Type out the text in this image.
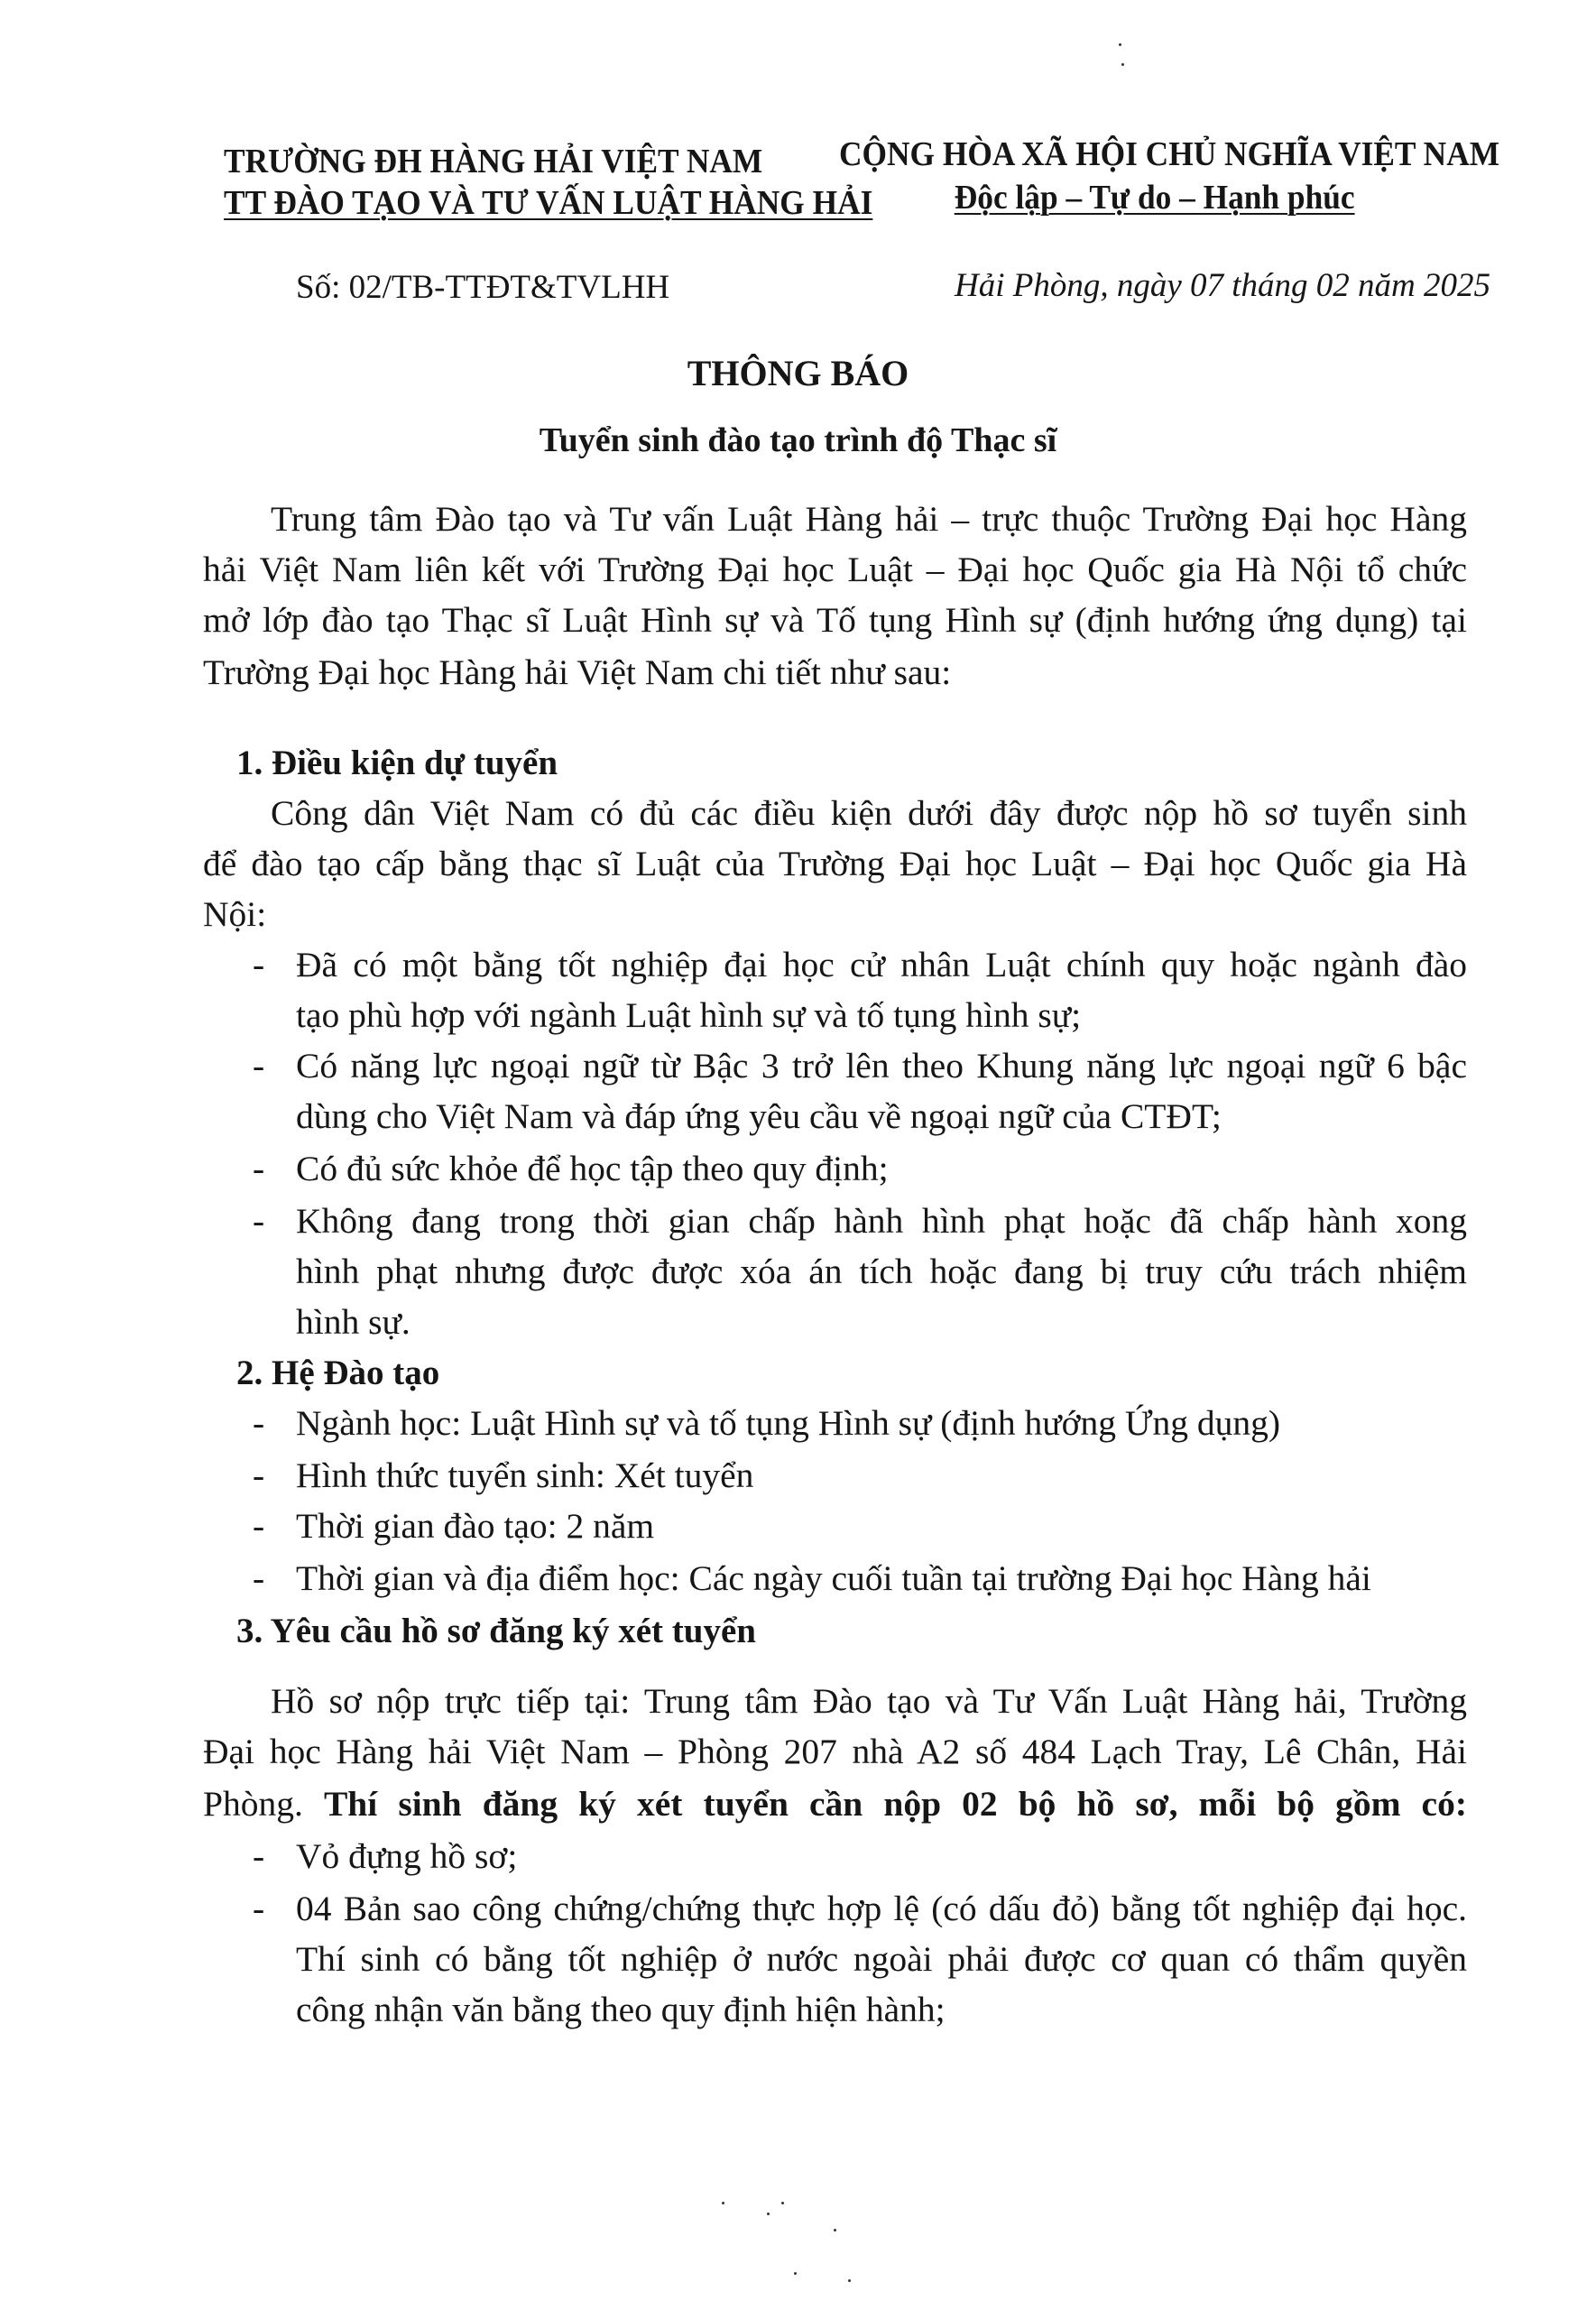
TRƯỜNG ĐH HÀNG HẢI VIỆT NAM
TT ĐÀO TẠO VÀ TƯ VẤN LUẬT HÀNG HẢI
CỘNG HÒA XÃ HỘI CHỦ NGHĨA VIỆT NAM
Độc lập – Tự do – Hạnh phúc
Số: 02/TB-TTĐT&TVLHH	Hải Phòng, ngày 07 tháng 02 năm 2025
THÔNG BÁO
Tuyển sinh đào tạo trình độ Thạc sĩ
Trung tâm Đào tạo và Tư vấn Luật Hàng hải – trực thuộc Trường Đại học Hàng
hải Việt Nam liên kết với Trường Đại học Luật – Đại học Quốc gia Hà Nội tổ chức
mở lớp đào tạo Thạc sĩ Luật Hình sự và Tố tụng Hình sự (định hướng ứng dụng) tại
Trường Đại học Hàng hải Việt Nam chi tiết như sau:
1. Điều kiện dự tuyển
Công dân Việt Nam có đủ các điều kiện dưới đây được nộp hồ sơ tuyển sinh
để đào tạo cấp bằng thạc sĩ Luật của Trường Đại học Luật – Đại học Quốc gia Hà
Nội:
- Đã có một bằng tốt nghiệp đại học cử nhân Luật chính quy hoặc ngành đào
tạo phù hợp với ngành Luật hình sự và tố tụng hình sự;
- Có năng lực ngoại ngữ từ Bậc 3 trở lên theo Khung năng lực ngoại ngữ 6 bậc
dùng cho Việt Nam và đáp ứng yêu cầu về ngoại ngữ của CTĐT;
- Có đủ sức khỏe để học tập theo quy định;
- Không đang trong thời gian chấp hành hình phạt hoặc đã chấp hành xong
hình phạt nhưng được được xóa án tích hoặc đang bị truy cứu trách nhiệm
hình sự.
2. Hệ Đào tạo
- Ngành học: Luật Hình sự và tố tụng Hình sự (định hướng Ứng dụng)
- Hình thức tuyển sinh: Xét tuyển
- Thời gian đào tạo: 2 năm
- Thời gian và địa điểm học: Các ngày cuối tuần tại trường Đại học Hàng hải
3. Yêu cầu hồ sơ đăng ký xét tuyển
Hồ sơ nộp trực tiếp tại: Trung tâm Đào tạo và Tư Vấn Luật Hàng hải, Trường
Đại học Hàng hải Việt Nam – Phòng 207 nhà A2 số 484 Lạch Tray, Lê Chân, Hải
Phòng. Thí sinh đăng ký xét tuyển cần nộp 02 bộ hồ sơ, mỗi bộ gồm có:
- Vỏ đựng hồ sơ;
- 04 Bản sao công chứng/chứng thực hợp lệ (có dấu đỏ) bằng tốt nghiệp đại học.
Thí sinh có bằng tốt nghiệp ở nước ngoài phải được cơ quan có thẩm quyền
công nhận văn bằng theo quy định hiện hành;
